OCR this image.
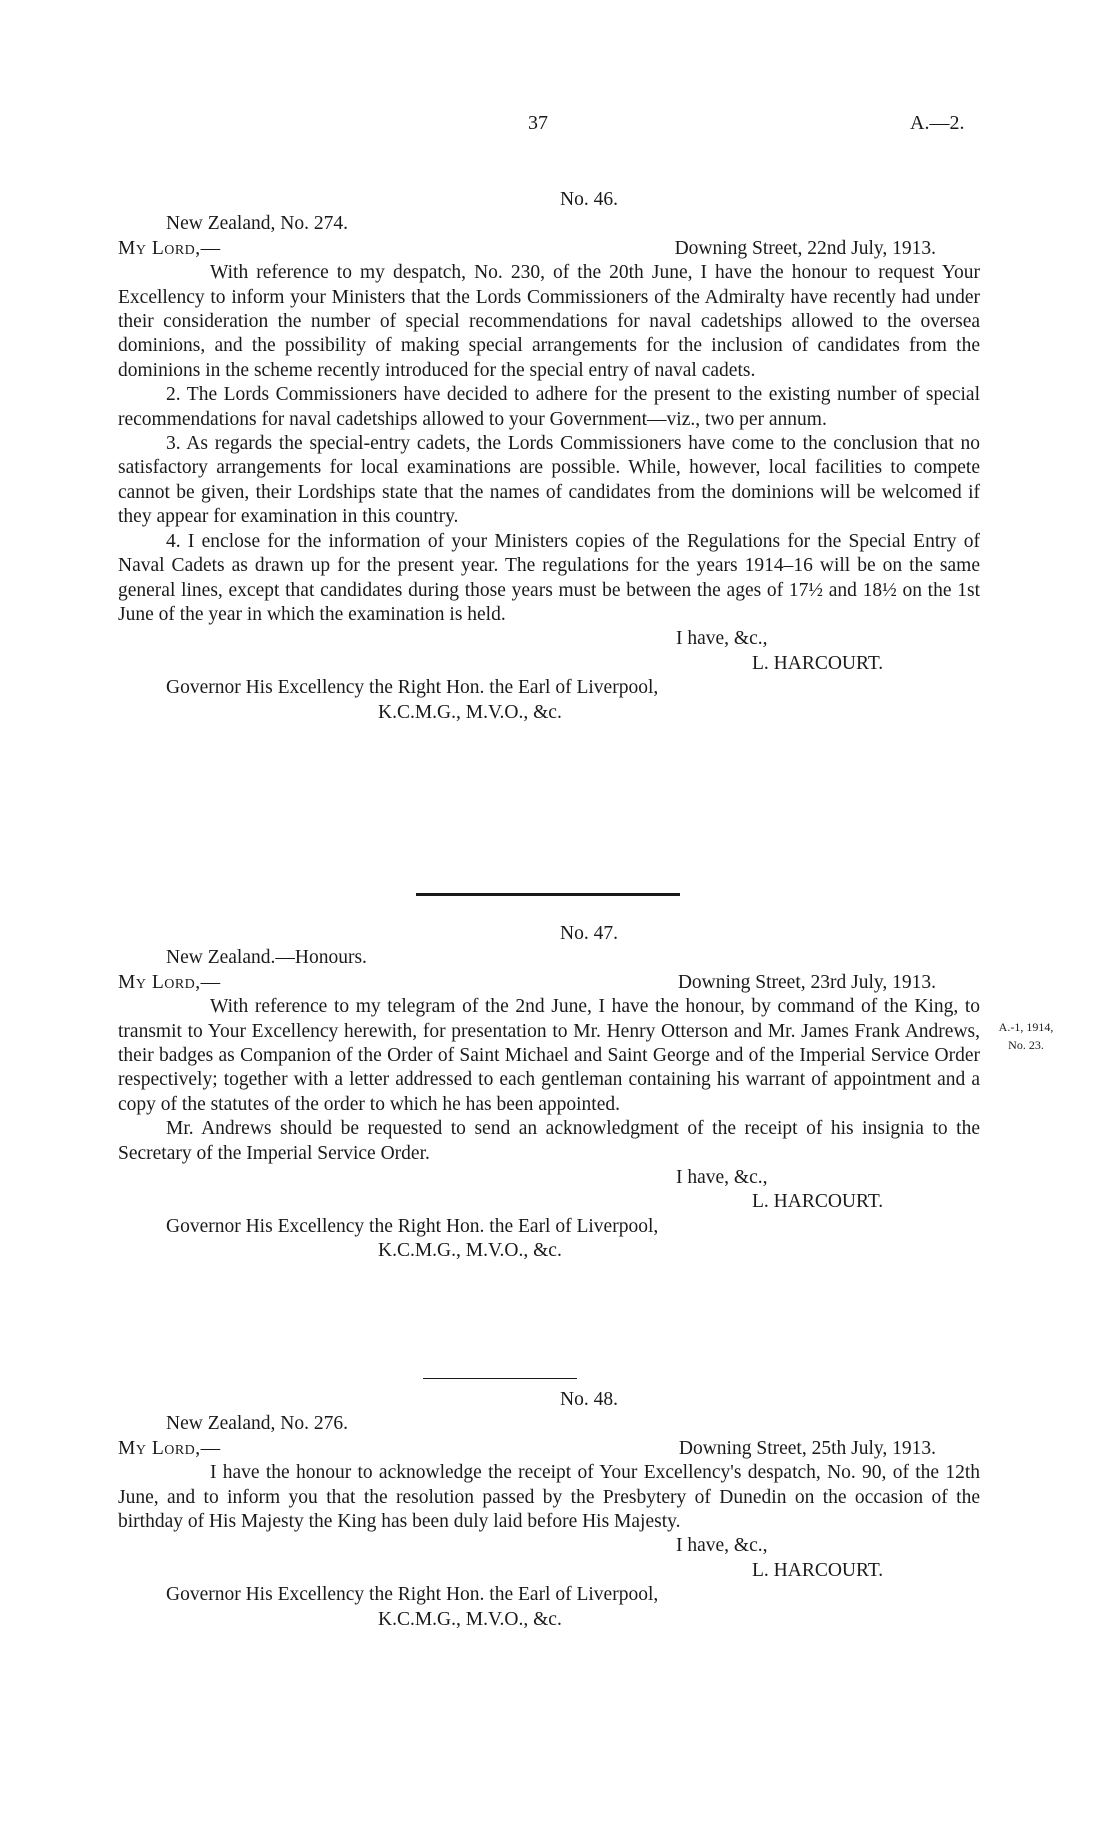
37	A.—2.
No. 46.
New Zealand, No. 274.
My Lord,—	Downing Street, 22nd July, 1913.

With reference to my despatch, No. 230, of the 20th June, I have the honour to request Your Excellency to inform your Ministers that the Lords Commissioners of the Admiralty have recently had under their consideration the number of special recommendations for naval cadetships allowed to the oversea dominions, and the possibility of making special arrangements for the inclusion of candidates from the dominions in the scheme recently introduced for the special entry of naval cadets.

2. The Lords Commissioners have decided to adhere for the present to the existing number of special recommendations for naval cadetships allowed to your Government—viz., two per annum.

3. As regards the special-entry cadets, the Lords Commissioners have come to the conclusion that no satisfactory arrangements for local examinations are possible. While, however, local facilities to compete cannot be given, their Lordships state that the names of candidates from the dominions will be welcomed if they appear for examination in this country.

4. I enclose for the information of your Ministers copies of the Regulations for the Special Entry of Naval Cadets as drawn up for the present year. The regulations for the years 1914–16 will be on the same general lines, except that candidates during those years must be between the ages of 17½ and 18½ on the 1st June of the year in which the examination is held.

I have, &c.,
L. HARCOURT.
Governor His Excellency the Right Hon. the Earl of Liverpool,
K.C.M.G., M.V.O., &c.
No. 47.
New Zealand.—Honours.
My Lord,—	Downing Street, 23rd July, 1913.

With reference to my telegram of the 2nd June, I have the honour, by command of the King, to transmit to Your Excellency herewith, for presentation to Mr. Henry Otterson and Mr. James Frank Andrews, their badges as Companion of the Order of Saint Michael and Saint George and of the Imperial Service Order respectively; together with a letter addressed to each gentleman containing his warrant of appointment and a copy of the statutes of the order to which he has been appointed.

Mr. Andrews should be requested to send an acknowledgment of the receipt of his insignia to the Secretary of the Imperial Service Order.

I have, &c.,
L. HARCOURT.
Governor His Excellency the Right Hon. the Earl of Liverpool,
K.C.M.G., M.V.O., &c.
A.-1, 1914,
No. 23.
No. 48.
New Zealand, No. 276.
My Lord,—	Downing Street, 25th July, 1913.

I have the honour to acknowledge the receipt of Your Excellency's despatch, No. 90, of the 12th June, and to inform you that the resolution passed by the Presbytery of Dunedin on the occasion of the birthday of His Majesty the King has been duly laid before His Majesty.

I have, &c.,
L. HARCOURT.
Governor His Excellency the Right Hon. the Earl of Liverpool,
K.C.M.G., M.V.O., &c.
